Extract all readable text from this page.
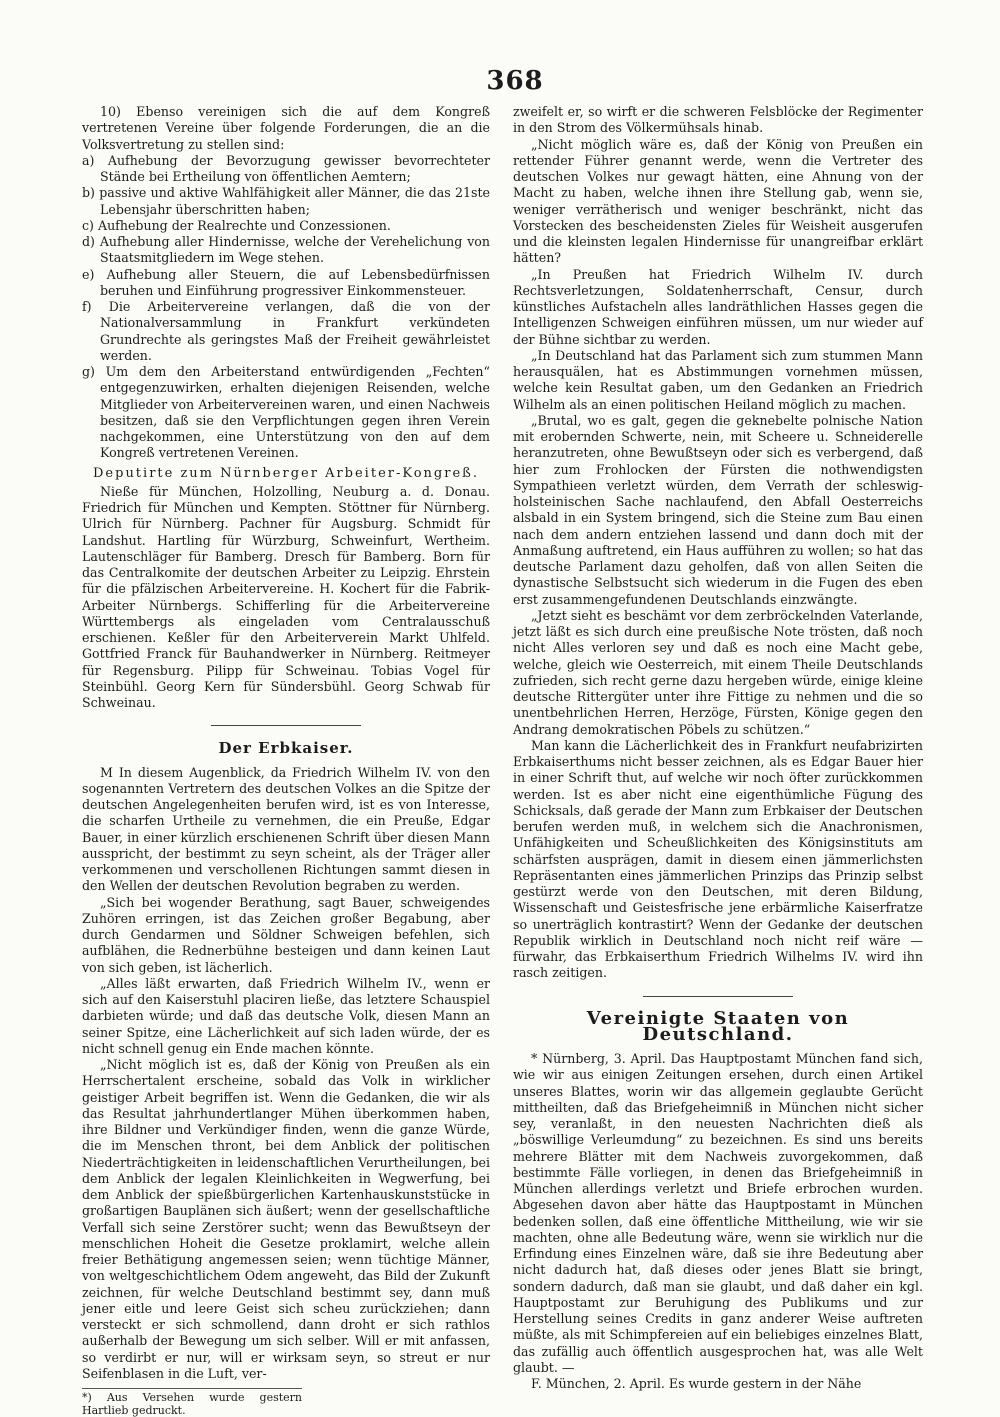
368

10) Ebenso vereinigen sich die auf dem Kongreß vertretenen Vereine über folgende Forderungen, die an die Volksvertretung zu stellen sind:

a) Aufhebung der Bevorzugung gewisser bevorrechteter Stände bei Ertheilung von öffentlichen Aemtern;

b) passive und aktive Wahlfähigkeit aller Männer, die das 21ste Lebensjahr überschritten haben;

c) Aufhebung der Realrechte und Conzessionen.

d) Aufhebung aller Hindernisse, welche der Verehelichung von Staatsmitgliedern im Wege stehen.

e) Aufhebung aller Steuern, die auf Lebensbedürfnissen beruhen und Einführung progressiver Einkommensteuer.

f) Die Arbeitervereine verlangen, daß die von der Nationalversammlung in Frankfurt verkündeten Grundrechte als geringstes Maß der Freiheit gewährleistet werden.

g) Um dem den Arbeiterstand entwürdigenden „Fechten“ entgegenzuwirken, erhalten diejenigen Reisenden, welche Mitglieder von Arbeitervereinen waren, und einen Nachweis besitzen, daß sie den Verpflichtungen gegen ihren Verein nachgekommen, eine Unterstützung von den auf dem Kongreß vertretenen Vereinen.

Deputirte zum Nürnberger Arbeiter-Kongreß.

Nieße für München, Holzolling, Neuburg a. d. Donau. Friedrich für München und Kempten. Stöttner für Nürnberg. Ulrich für Nürnberg. Pachner für Augsburg. Schmidt für Landshut. Hartling für Würzburg, Schweinfurt, Wertheim. Lautenschläger für Bamberg. Dresch für Bamberg. Born für das Centralkomite der deutschen Arbeiter zu Leipzig. Ehrstein für die pfälzischen Arbeitervereine. H. Kochert für die Fabrik-Arbeiter Nürnbergs. Schifferling für die Arbeitervereine Württembergs als eingeladen vom Centralausschuß erschienen. Keßler für den Arbeiterverein Markt Uhlfeld. Gottfried Franck für Bauhandwerker in Nürnberg. Reitmeyer für Regensburg. Pilipp für Schweinau. Tobias Vogel für Steinbühl. Georg Kern für Sündersbühl. Georg Schwab für Schweinau.

Der Erbkaiser.

M In diesem Augenblick, da Friedrich Wilhelm IV. von den sogenannten Vertretern des deutschen Volkes an die Spitze der deutschen Angelegenheiten berufen wird, ist es von Interesse, die scharfen Urtheile zu vernehmen, die ein Preuße, Edgar Bauer, in einer kürzlich erschienenen Schrift über diesen Mann ausspricht, der bestimmt zu seyn scheint, als der Träger aller verkommenen und verschollenen Richtungen sammt diesen in den Wellen der deutschen Revolution begraben zu werden.

„Sich bei wogender Berathung, sagt Bauer, schweigendes Zuhören erringen, ist das Zeichen großer Begabung, aber durch Gendarmen und Söldner Schweigen befehlen, sich aufblähen, die Rednerbühne besteigen und dann keinen Laut von sich geben, ist lächerlich.

„Alles läßt erwarten, daß Friedrich Wilhelm IV., wenn er sich auf den Kaiserstuhl placiren ließe, das letztere Schauspiel darbieten würde; und daß das deutsche Volk, diesen Mann an seiner Spitze, eine Lächerlichkeit auf sich laden würde, der es nicht schnell genug ein Ende machen könnte.

„Nicht möglich ist es, daß der König von Preußen als ein Herrschertalent erscheine, sobald das Volk in wirklicher geistiger Arbeit begriffen ist. Wenn die Gedanken, die wir als das Resultat jahrhundertlanger Mühen überkommen haben, ihre Bildner und Verkündiger finden, wenn die ganze Würde, die im Menschen thront, bei dem Anblick der politischen Niederträchtigkeiten in leidenschaftlichen Verurtheilungen, bei dem Anblick der legalen Kleinlichkeiten in Wegwerfung, bei dem Anblick der spießbürgerlichen Kartenhauskunststücke in großartigen Bauplänen sich äußert; wenn der gesellschaftliche Verfall sich seine Zerstörer sucht; wenn das Bewußtseyn der menschlichen Hoheit die Gesetze proklamirt, welche allein freier Bethätigung angemessen seien; wenn tüchtige Männer, von weltgeschichtlichem Odem angeweht, das Bild der Zukunft zeichnen, für welche Deutschland bestimmt sey, dann muß jener eitle und leere Geist sich scheu zurückziehen; dann versteckt er sich schmollend, dann droht er sich rathlos außerhalb der Bewegung um sich selber. Will er mit anfassen, so verdirbt er nur, will er wirksam seyn, so streut er nur Seifenblasen in die Luft, ver-

*) Aus Versehen wurde gestern Hartlieb gedruckt.

zweifelt er, so wirft er die schweren Felsblöcke der Regimenter in den Strom des Völkermühsals hinab.

„Nicht möglich wäre es, daß der König von Preußen ein rettender Führer genannt werde, wenn die Vertreter des deutschen Volkes nur gewagt hätten, eine Ahnung von der Macht zu haben, welche ihnen ihre Stellung gab, wenn sie, weniger verrätherisch und weniger beschränkt, nicht das Vorstecken des bescheidensten Zieles für Weisheit ausgerufen und die kleinsten legalen Hindernisse für unangreifbar erklärt hätten?

„In Preußen hat Friedrich Wilhelm IV. durch Rechtsverletzungen, Soldatenherrschaft, Censur, durch künstliches Aufstacheln alles landräthlichen Hasses gegen die Intelligenzen Schweigen einführen müssen, um nur wieder auf der Bühne sichtbar zu werden.

„In Deutschland hat das Parlament sich zum stummen Mann herausquälen, hat es Abstimmungen vornehmen müssen, welche kein Resultat gaben, um den Gedanken an Friedrich Wilhelm als an einen politischen Heiland möglich zu machen.

„Brutal, wo es galt, gegen die geknebelte polnische Nation mit erobernden Schwerte, nein, mit Scheere u. Schneiderelle heranzutreten, ohne Bewußtseyn oder sich es verbergend, daß hier zum Frohlocken der Fürsten die nothwendigsten Sympathieen verletzt würden, dem Verrath der schleswig-holsteinischen Sache nachlaufend, den Abfall Oesterreichs alsbald in ein System bringend, sich die Steine zum Bau einen nach dem andern entziehen lassend und dann doch mit der Anmaßung auftretend, ein Haus aufführen zu wollen; so hat das deutsche Parlament dazu geholfen, daß von allen Seiten die dynastische Selbstsucht sich wiederum in die Fugen des eben erst zusammengefundenen Deutschlands einzwängte.

„Jetzt sieht es beschämt vor dem zerbröckelnden Vaterlande, jetzt läßt es sich durch eine preußische Note trösten, daß noch nicht Alles verloren sey und daß es noch eine Macht gebe, welche, gleich wie Oesterreich, mit einem Theile Deutschlands zufrieden, sich recht gerne dazu hergeben würde, einige kleine deutsche Rittergüter unter ihre Fittige zu nehmen und die so unentbehrlichen Herren, Herzöge, Fürsten, Könige gegen den Andrang demokratischen Pöbels zu schützen.“

Man kann die Lächerlichkeit des in Frankfurt neufabrizirten Erbkaiserthums nicht besser zeichnen, als es Edgar Bauer hier in einer Schrift thut, auf welche wir noch öfter zurückkommen werden. Ist es aber nicht eine eigenthümliche Fügung des Schicksals, daß gerade der Mann zum Erbkaiser der Deutschen berufen werden muß, in welchem sich die Anachronismen, Unfähigkeiten und Scheußlichkeiten des Königsinstituts am schärfsten ausprägen, damit in diesem einen jämmerlichsten Repräsentanten eines jämmerlichen Prinzips das Prinzip selbst gestürzt werde von den Deutschen, mit deren Bildung, Wissenschaft und Geistesfrische jene erbärmliche Kaiserfratze so unerträglich kontrastirt? Wenn der Gedanke der deutschen Republik wirklich in Deutschland noch nicht reif wäre — fürwahr, das Erbkaiserthum Friedrich Wilhelms IV. wird ihn rasch zeitigen.

Vereinigte Staaten von Deutschland.

* Nürnberg, 3. April. Das Hauptpostamt München fand sich, wie wir aus einigen Zeitungen ersehen, durch einen Artikel unseres Blattes, worin wir das allgemein geglaubte Gerücht mittheilten, daß das Briefgeheimniß in München nicht sicher sey, veranlaßt, in den neuesten Nachrichten dieß als „böswillige Verleumdung“ zu bezeichnen. Es sind uns bereits mehrere Blätter mit dem Nachweis zuvorgekommen, daß bestimmte Fälle vorliegen, in denen das Briefgeheimniß in München allerdings verletzt und Briefe erbrochen wurden. Abgesehen davon aber hätte das Hauptpostamt in München bedenken sollen, daß eine öffentliche Mittheilung, wie wir sie machten, ohne alle Bedeutung wäre, wenn sie wirklich nur die Erfindung eines Einzelnen wäre, daß sie ihre Bedeutung aber nicht dadurch hat, daß dieses oder jenes Blatt sie bringt, sondern dadurch, daß man sie glaubt, und daß daher ein kgl. Hauptpostamt zur Beruhigung des Publikums und zur Herstellung seines Credits in ganz anderer Weise auftreten müßte, als mit Schimpfereien auf ein beliebiges einzelnes Blatt, das zufällig auch öffentlich ausgesprochen hat, was alle Welt glaubt. —

F. München, 2. April. Es wurde gestern in der Nähe
